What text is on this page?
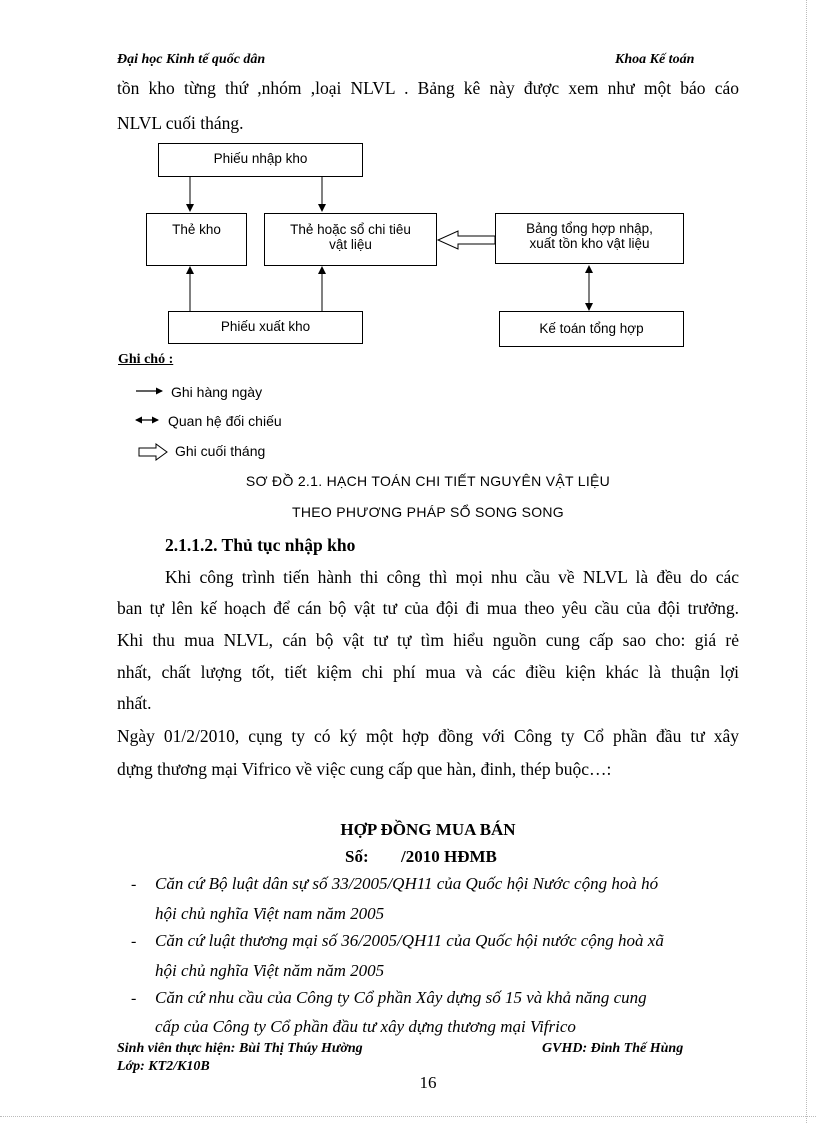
Đại học Kinh tế quốc dân	Khoa Kế toán
tồn kho từng thứ ,nhóm ,loại NLVL . Bảng kê này được xem như một báo cáo
NLVL cuối tháng.
Phiếu nhập kho
Thẻ kho	Thẻ hoặc sổ chi tiêu
vật liệu
Bảng tổng hợp nhập,
xuất tồn kho vật liệu
Phiếu xuất kho	Kế toán tổng hợp
Ghi chó :
Ghi hàng ngày
Quan hệ đối chiếu
Ghi cuối tháng
SƠ ĐỒ 2.1. HẠCH TOÁN CHI TIẾT NGUYÊN VẬT LIỆU
THEO PHƯƠNG PHÁP SỔ SONG SONG
2.1.1.2. Thủ tục nhập kho
Khi công trình tiến hành thi công thì mọi nhu cầu về NLVL là đều do các
ban tự lên kế hoạch để cán bộ vật tư của đội đi mua theo yêu cầu của đội trưởng.
Khi thu mua NLVL, cán bộ vật tư tự tìm hiểu nguồn cung cấp sao cho: giá rẻ
nhất, chất lượng tốt, tiết kiệm chi phí mua và các điều kiện khác là thuận lợi
nhất.
Ngày 01/2/2010, cụng ty có ký một hợp đồng với Công ty Cổ phần đầu tư xây
dựng thương mại Vifrico về việc cung cấp que hàn, đinh, thép buộc…:
HỢP ĐỒNG MUA BÁN
Số: /2010 HĐMB
- Căn cứ Bộ luật dân sự số 33/2005/QH11 của Quốc hội Nước cộng hoà hó
hội chủ nghĩa Việt nam năm 2005
- Căn cứ luật thương mại số 36/2005/QH11 của Quốc hội nước cộng hoà xã
hội chủ nghĩa Việt năm năm 2005
- Căn cứ nhu cầu của Công ty Cổ phần Xây dựng số 15 và khả năng cung
cấp của Công ty Cổ phần đầu tư xây dựng thương mại Vifrico
Sinh viên thực hiện: Bùi Thị Thúy Hường	GVHD: Đinh Thế Hùng
Lớp: KT2/K10B
16
